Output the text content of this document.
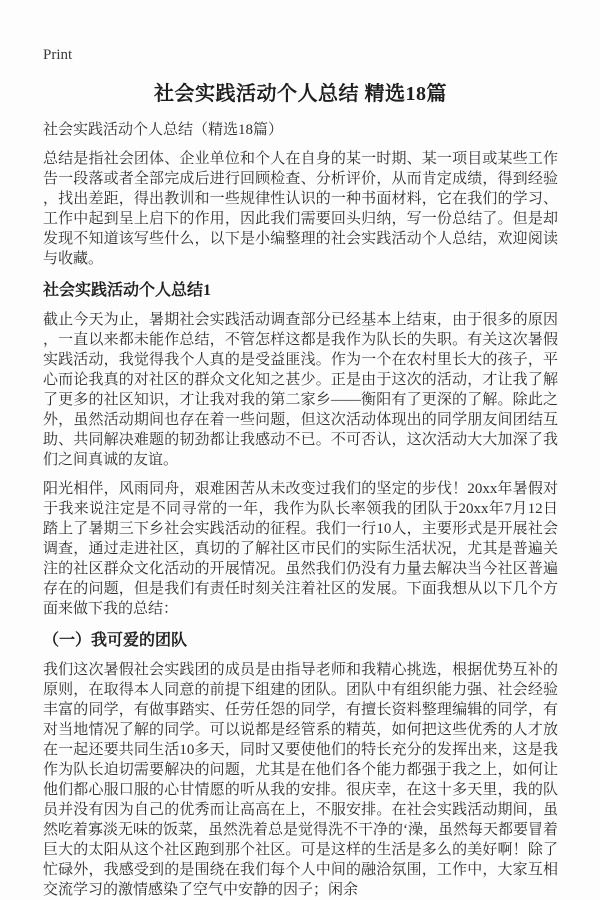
Print
社会实践活动个人总结 精选18篇
社会实践活动个人总结（精选18篇）

总结是指社会团体、企业单位和个人在自身的某一时期、某一项目或某些工作告一段落或者全部完成后进行回顾检查、分析评价，从而肯定成绩，得到经验，找出差距，得出教训和一些规律性认识的一种书面材料，它在我们的学习、工作中起到呈上启下的作用，因此我们需要回头归纳，写一份总结了。但是却发现不知道该写些什么，以下是小编整理的社会实践活动个人总结，欢迎阅读与收藏。

社会实践活动个人总结1

截止今天为止，暑期社会实践活动调查部分已经基本上结束，由于很多的原因，一直以来都未能作总结，不管怎样这都是我作为队长的失职。有关这次暑假实践活动，我觉得我个人真的是受益匪浅。作为一个在农村里长大的孩子，平心而论我真的对社区的群众文化知之甚少。正是由于这次的活动，才让我了解了更多的社区知识，才让我对我的第二家乡——衡阳有了更深的了解。除此之外，虽然活动期间也存在着一些问题，但这次活动体现出的同学朋友间团结互助、共同解决难题的韧劲都让我感动不已。不可否认，这次活动大大加深了我们之间真诚的友谊。

阳光相伴，风雨同舟，艰难困苦从未改变过我们的坚定的步伐！20xx年暑假对于我来说注定是不同寻常的一年，我作为队长率领我的团队于20xx年7月12日踏上了暑期三下乡社会实践活动的征程。我们一行10人，主要形式是开展社会调查，通过走进社区，真切的了解社区市民们的实际生活状况，尤其是普遍关注的社区群众文化活动的开展情况。虽然我们仍没有力量去解决当今社区普遍存在的问题，但是我们有责任时刻关注着社区的发展。下面我想从以下几个方面来做下我的总结：

（一）我可爱的团队

我们这次暑假社会实践团的成员是由指导老师和我精心挑选，根据优势互补的原则，在取得本人同意的前提下组建的团队。团队中有组织能力强、社会经验丰富的同学，有做事踏实、任劳任怨的同学，有擅长资料整理编辑的同学，有对当地情况了解的同学。可以说都是经管系的精英，如何把这些优秀的人才放在一起还要共同生活10多天，同时又要使他们的特长充分的发挥出来，这是我作为队长迫切需要解决的问题，尤其是在他们各个能力都强于我之上，如何让他们都心服口服的心甘情愿的听从我的安排。很庆幸，在这十多天里，我的队员并没有因为自己的优秀而让高高在上，不服安排。在社会实践活动期间，虽然吃着寡淡无味的饭菜，虽然洗着总是觉得洗不干净的‘澡，虽然每天都要冒着巨大的太阳从这个社区跑到那个社区。可是这样的生活是多么的美好啊！除了忙碌外，我感受到的是围绕在我们每个人中间的融洽氛围，工作中，大家互相交流学习的激情感染了空气中安静的因子；闲余
